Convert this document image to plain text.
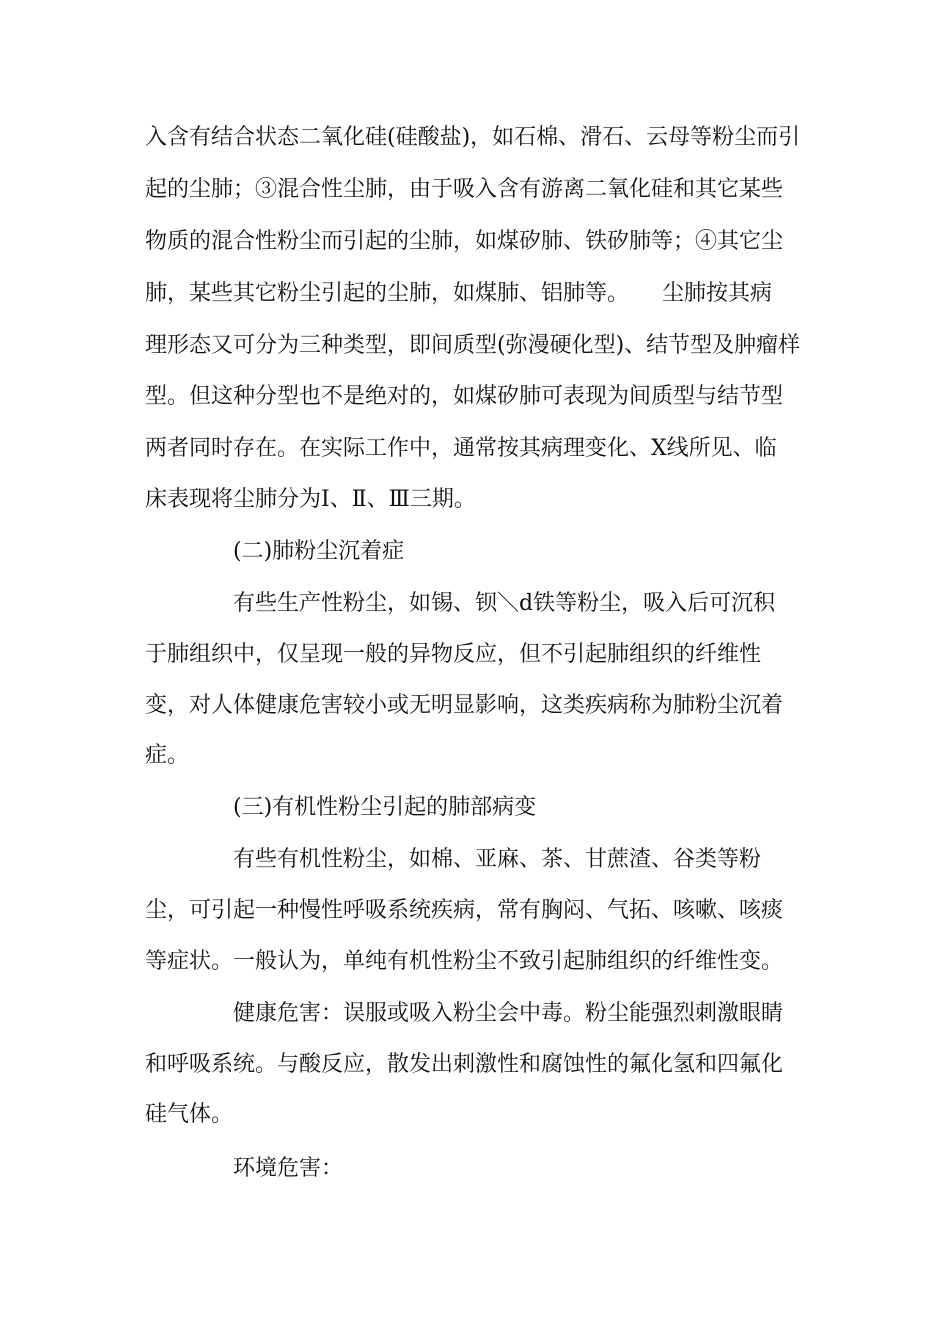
入含有结合状态二氧化硅(硅酸盐)，如石棉、滑石、云母等粉尘而引
起的尘肺；③混合性尘肺，由于吸入含有游离二氧化硅和其它某些
物质的混合性粉尘而引起的尘肺，如煤矽肺、铁矽肺等；④其它尘
肺，某些其它粉尘引起的尘肺，如煤肺、铝肺等。　　尘肺按其病
理形态又可分为三种类型，即间质型(弥漫硬化型)、结节型及肿瘤样
型。但这种分型也不是绝对的，如煤矽肺可表现为间质型与结节型
两者同时存在。在实际工作中，通常按其病理变化、X线所见、临
床表现将尘肺分为Ⅰ、Ⅱ、Ⅲ三期。
(二)肺粉尘沉着症
有些生产性粉尘，如锡、钡＼d铁等粉尘，吸入后可沉积
于肺组织中，仅呈现一般的异物反应，但不引起肺组织的纤维性
变，对人体健康危害较小或无明显影响，这类疾病称为肺粉尘沉着
症。
(三)有机性粉尘引起的肺部病变
有些有机性粉尘，如棉、亚麻、茶、甘蔗渣、谷类等粉
尘，可引起一种慢性呼吸系统疾病，常有胸闷、气拓、咳嗽、咳痰
等症状。一般认为，单纯有机性粉尘不致引起肺组织的纤维性变。
健康危害：误服或吸入粉尘会中毒。粉尘能强烈刺激眼睛
和呼吸系统。与酸反应，散发出刺激性和腐蚀性的氟化氢和四氟化
硅气体。
环境危害：
